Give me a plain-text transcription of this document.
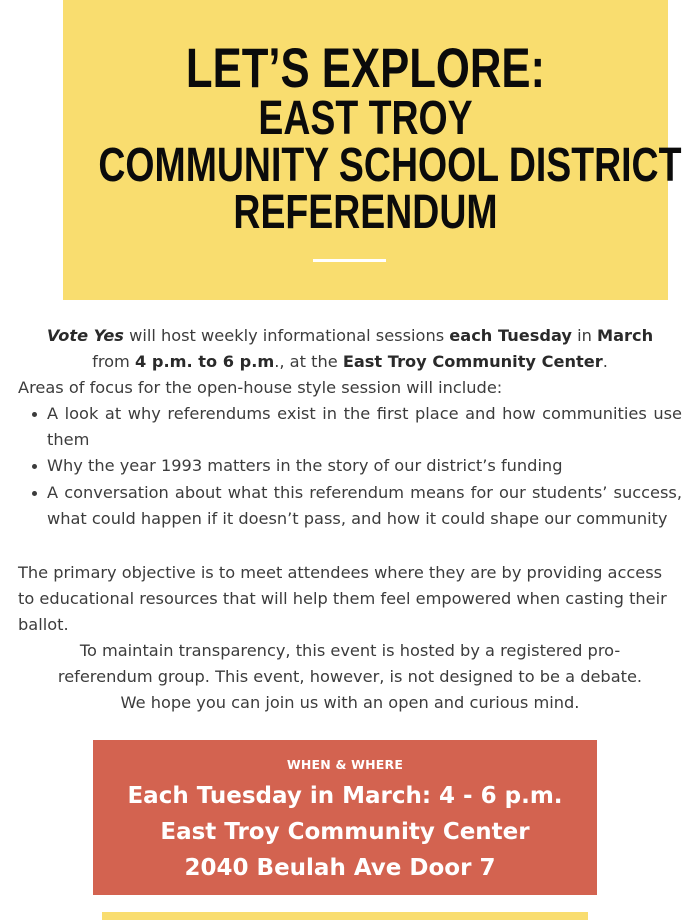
LET’S EXPLORE:
EAST TROY
COMMUNITY SCHOOL DISTRICT
REFERENDUM

Vote Yes will host weekly informational sessions each Tuesday in March
from 4 p.m. to 6 p.m., at the East Troy Community Center.

Areas of focus for the open-house style session will include:

A look at why referendums exist in the first place and how communities use them
Why the year 1993 matters in the story of our district’s funding
A conversation about what this referendum means for our students’ success, what could happen if it doesn’t pass, and how it could shape our community

The primary objective is to meet attendees where they are by providing access to educational resources that will help them feel empowered when casting their ballot.

To maintain transparency, this event is hosted by a registered pro-
referendum group. This event, however, is not designed to be a debate.
We hope you can join us with an open and curious mind.

WHEN & WHERE
Each Tuesday in March: 4 - 6 p.m.
East Troy Community Center
2040 Beulah Ave Door 7
